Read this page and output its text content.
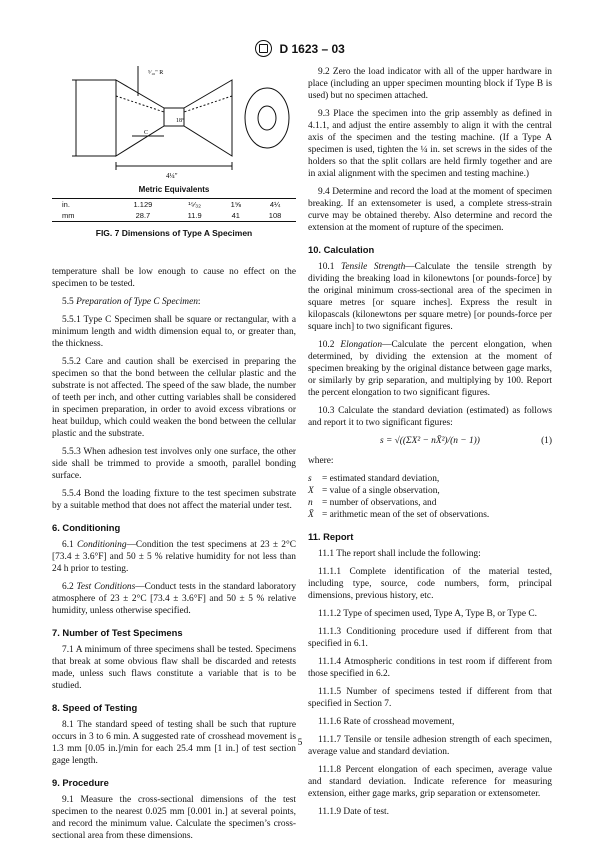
D 1623 – 03
⁵⁄₁₆" R
C
18°
4¼"
Metric Equivalents
in.	1.129	¹⁵⁄₃₂	1⅝	4¼
mm	28.7	11.9	41	108
FIG. 7 Dimensions of Type A Specimen

temperature shall be low enough to cause no effect on the specimen to be tested.

5.5 Preparation of Type C Specimen:

5.5.1 Type C Specimen shall be square or rectangular, with a minimum length and width dimension equal to, or greater than, the thickness.

5.5.2 Care and caution shall be exercised in preparing the specimen so that the bond between the cellular plastic and the substrate is not affected. The speed of the saw blade, the number of teeth per inch, and other cutting variables shall be considered in specimen preparation, in order to avoid excess vibrations or heat buildup, which could weaken the bond between the cellular plastic and the substrate.

5.5.3 When adhesion test involves only one surface, the other side shall be trimmed to provide a smooth, parallel bonding surface.

5.5.4 Bond the loading fixture to the test specimen substrate by a suitable method that does not affect the material under test.

6. Conditioning

6.1 Conditioning—Condition the test specimens at 23 ± 2°C [73.4 ± 3.6°F] and 50 ± 5 % relative humidity for not less than 24 h prior to testing.

6.2 Test Conditions—Conduct tests in the standard laboratory atmosphere of 23 ± 2°C [73.4 ± 3.6°F] and 50 ± 5 % relative humidity, unless otherwise specified.

7. Number of Test Specimens

7.1 A minimum of three specimens shall be tested. Specimens that break at some obvious flaw shall be discarded and retests made, unless such flaws constitute a variable that is to be studied.

8. Speed of Testing

8.1 The standard speed of testing shall be such that rupture occurs in 3 to 6 min. A suggested rate of crosshead movement is 1.3 mm [0.05 in.]/min for each 25.4 mm [1 in.] of test section gage length.

9. Procedure

9.1 Measure the cross-sectional dimensions of the test specimen to the nearest 0.025 mm [0.001 in.] at several points, and record the minimum value. Calculate the specimen’s cross-sectional area from these dimensions.

9.2 Zero the load indicator with all of the upper hardware in place (including an upper specimen mounting block if Type B is used) but no specimen attached.

9.3 Place the specimen into the grip assembly as defined in 4.1.1, and adjust the entire assembly to align it with the central axis of the specimen and the testing machine. (If a Type A specimen is used, tighten the ¼ in. set screws in the sides of the holders so that the split collars are held firmly together and are in axial alignment with the specimen and testing machine.)

9.4 Determine and record the load at the moment of specimen breaking. If an extensometer is used, a complete stress-strain curve may be obtained thereby. Also determine and record the extension at the moment of rupture of the specimen.

10. Calculation

10.1 Tensile Strength—Calculate the tensile strength by dividing the breaking load in kilonewtons [or pounds-force] by the original minimum cross-sectional area of the specimen in square metres [or square inches]. Express the result in kilopascals (kilonewtons per square metre) [or pounds-force per square inch] to two significant figures.

10.2 Elongation—Calculate the percent elongation, when determined, by dividing the extension at the moment of specimen breaking by the original distance between gage marks, or similarly by grip separation, and multiplying by 100. Report the percent elongation to two significant figures.

10.3 Calculate the standard deviation (estimated) as follows and report it to two significant figures:

s = √((ΣX² − nX̄²)/(n − 1))	(1)

where:

s	= estimated standard deviation,
X = value of a single observation,
n = number of observations, and
X̄ = arithmetic mean of the set of observations.
11. Report

11.1 The report shall include the following:

11.1.1 Complete identification of the material tested, including type, source, code numbers, form, principal dimensions, previous history, etc.

11.1.2 Type of specimen used, Type A, Type B, or Type C.

11.1.3 Conditioning procedure used if different from that specified in 6.1.

11.1.4 Atmospheric conditions in test room if different from those specified in 6.2.

11.1.5 Number of specimens tested if different from that specified in Section 7.

11.1.6 Rate of crosshead movement,

11.1.7 Tensile or tensile adhesion strength of each specimen, average value and standard deviation.

11.1.8 Percent elongation of each specimen, average value and standard deviation. Indicate reference for measuring extension, either gage marks, grip separation or extensometer.

11.1.9 Date of test.

5
